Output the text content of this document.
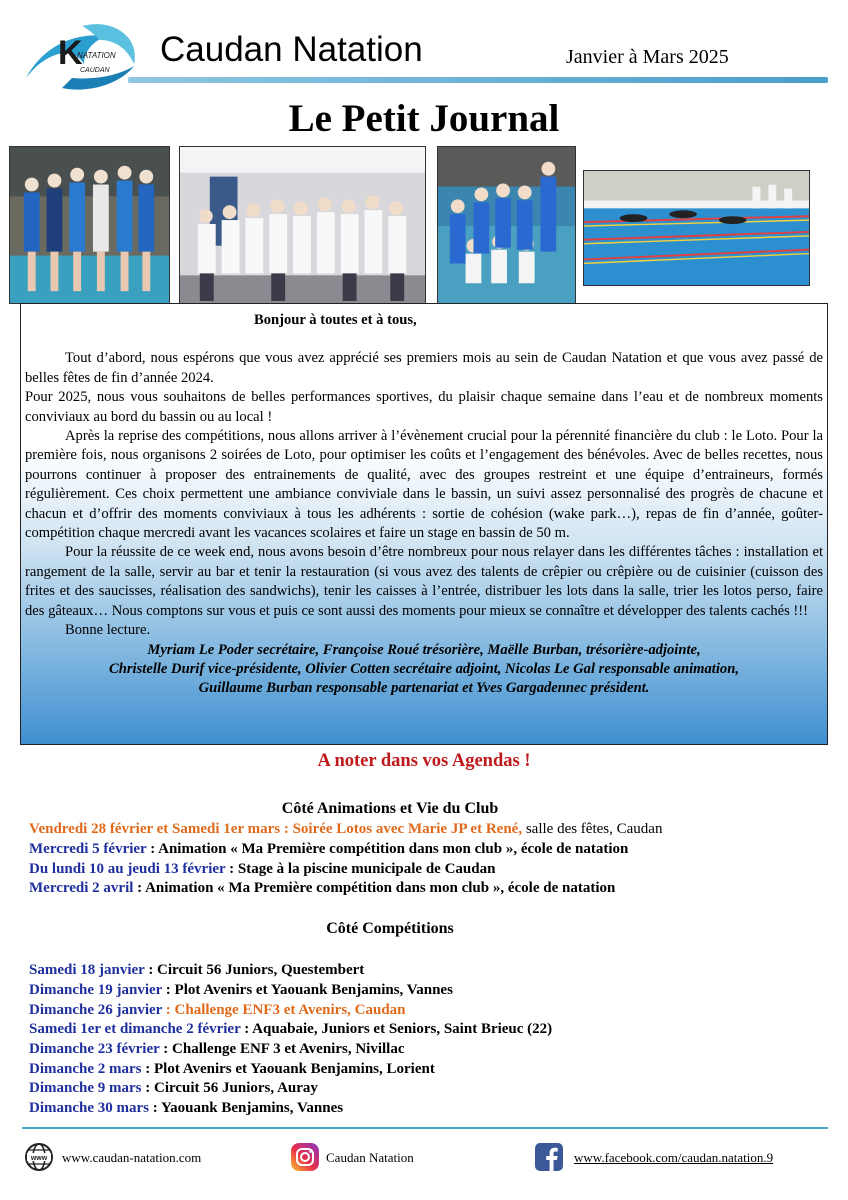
K
NATATION
CAUDAN
Caudan Natation	Janvier à Mars 2025
Le Petit Journal
Bonjour à toutes et à tous,

Tout d’abord, nous espérons que vous avez apprécié ses premiers mois au sein de Caudan Natation et que vous avez passé de belles fêtes de fin d’année 2024.

Pour 2025, nous vous souhaitons de belles performances sportives, du plaisir chaque semaine dans l’eau et de nombreux moments conviviaux au bord du bassin ou au local !

Après la reprise des compétitions, nous allons arriver à l’évènement crucial pour la pérennité financière du club : le Loto. Pour la première fois, nous organisons 2 soirées de Loto, pour optimiser les coûts et l’engagement des bénévoles. Avec de belles recettes, nous pourrons continuer à proposer des entrainements de qualité, avec des groupes restreint et une équipe d’entraineurs, formés régulièrement. Ces choix permettent une ambiance conviviale dans le bassin, un suivi assez personnalisé des progrès de chacune et chacun et d’offrir des moments conviviaux à tous les adhérents : sortie de cohésion (wake park…), repas de fin d’année, goûter-compétition chaque mercredi avant les vacances scolaires et faire un stage en bassin de 50 m.

Pour la réussite de ce week end, nous avons besoin d’être nombreux pour nous relayer dans les différentes tâches : installation et rangement de la salle, servir au bar et tenir la restauration (si vous avez des talents de crêpier ou crêpière ou de cuisinier (cuisson des frites et des saucisses, réalisation des sandwichs), tenir les caisses à l’entrée, distribuer les lots dans la salle, trier les lotos perso, faire des gâteaux… Nous comptons sur vous et puis ce sont aussi des moments pour mieux se connaître et développer des talents cachés !!!

Bonne lecture.

Myriam Le Poder secrétaire, Françoise Roué trésorière, Maëlle Burban, trésorière-adjointe,

Christelle Durif vice-présidente, Olivier Cotten secrétaire adjoint, Nicolas Le Gal responsable animation,

Guillaume Burban responsable partenariat et Yves Gargadennec président.

A noter dans vos Agendas !
Côté Animations et Vie du Club
Vendredi 28 février et Samedi 1er mars : Soirée Lotos avec Marie JP et René, salle des fêtes, Caudan
Mercredi 5 février : Animation « Ma Première compétition dans mon club », école de natation
Du lundi 10 au jeudi 13 février : Stage à la piscine municipale de Caudan
Mercredi 2 avril : Animation « Ma Première compétition dans mon club », école de natation
Côté Compétitions
Samedi 18 janvier : Circuit 56 Juniors, Questembert
Dimanche 19 janvier : Plot Avenirs et Yaouank Benjamins, Vannes
Dimanche 26 janvier : Challenge ENF3 et Avenirs, Caudan
Samedi 1er et dimanche 2 février : Aquabaie, Juniors et Seniors, Saint Brieuc (22)
Dimanche 23 février : Challenge ENF 3 et Avenirs, Nivillac
Dimanche 2 mars : Plot Avenirs et Yaouank Benjamins, Lorient
Dimanche 9 mars : Circuit 56 Juniors, Auray
Dimanche 30 mars : Yaouank Benjamins, Vannes
www www.caudan-natation.com	Caudan Natation	www.facebook.com/caudan.natation.9
